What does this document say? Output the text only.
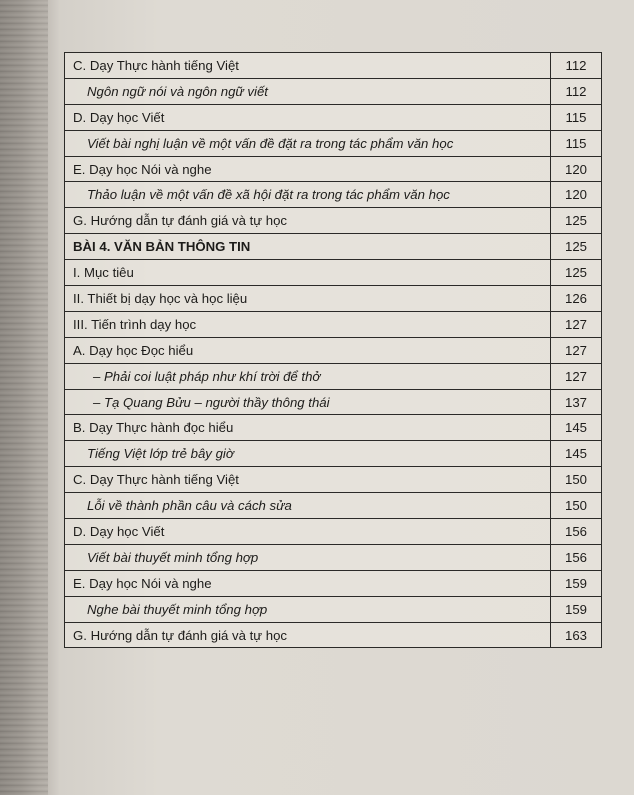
C. Dạy Thực hành tiếng Việt	112
Ngôn ngữ nói và ngôn ngữ viết	112
D. Dạy học Viết	115
Viết bài nghị luận về một vấn đề đặt ra trong tác phẩm văn học	115
E. Dạy học Nói và nghe	120
Thảo luận về một vấn đề xã hội đặt ra trong tác phẩm văn học	120
G. Hướng dẫn tự đánh giá và tự học	125
BÀI 4. VĂN BẢN THÔNG TIN	125
I. Mục tiêu	125
II. Thiết bị dạy học và học liệu	126
III. Tiến trình dạy học	127
A. Dạy học Đọc hiểu	127
– Phải coi luật pháp như khí trời để thở	127
– Tạ Quang Bửu – người thầy thông thái	137
B. Dạy Thực hành đọc hiểu	145
Tiếng Việt lớp trẻ bây giờ	145
C. Dạy Thực hành tiếng Việt	150
Lỗi về thành phần câu và cách sửa	150
D. Dạy học Viết	156
Viết bài thuyết minh tổng hợp	156
E. Dạy học Nói và nghe	159
Nghe bài thuyết minh tổng hợp	159
G. Hướng dẫn tự đánh giá và tự học	163
